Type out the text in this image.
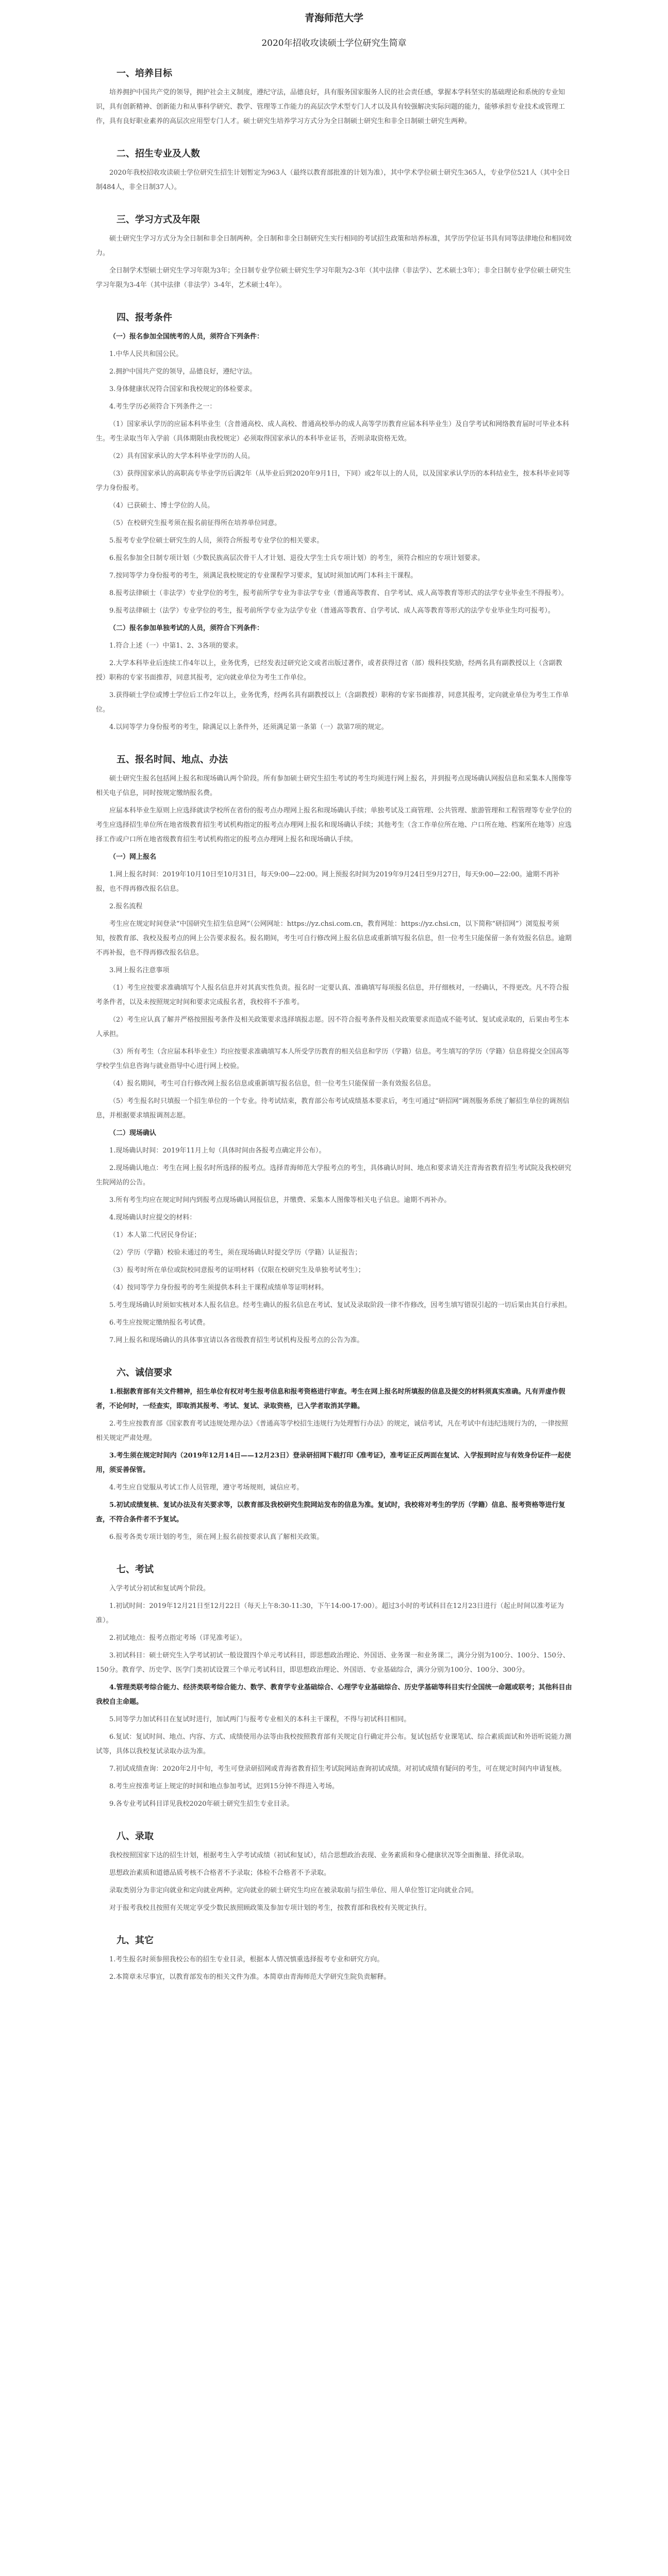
青海师范大学
2020年招收攻读硕士学位研究生简章
一、培养目标
培养拥护中国共产党的领导，拥护社会主义制度，遵纪守法，品德良好，具有服务国家服务人民的社会责任感，掌握本学科坚实的基础理论和系统的专业知识，具有创新精神、创新能力和从事科学研究、教学、管理等工作能力的高层次学术型专门人才以及具有较强解决实际问题的能力，能够承担专业技术或管理工作，具有良好职业素养的高层次应用型专门人才。硕士研究生培养学习方式分为全日制硕士研究生和非全日制硕士研究生两种。
二、招生专业及人数
2020年我校招收攻读硕士学位研究生招生计划暂定为963人（最终以教育部批准的计划为准），其中学术学位硕士研究生365人，专业学位521人（其中全日制484人，非全日制37人）。
三、学习方式及年限
硕士研究生学习方式分为全日制和非全日制两种。全日制和非全日制研究生实行相同的考试招生政策和培养标准，其学历学位证书具有同等法律地位和相同效力。
全日制学术型硕士研究生学习年限为3年；全日制专业学位硕士研究生学习年限为2-3年（其中法律（非法学）、艺术硕士3年）；非全日制专业学位硕士研究生学习年限为3-4年（其中法律（非法学）3-4年，艺术硕士4年）。
四、报考条件
（一）报名参加全国统考的人员，须符合下列条件：
1.中华人民共和国公民。
2.拥护中国共产党的领导，品德良好，遵纪守法。
3.身体健康状况符合国家和我校规定的体检要求。
4.考生学历必须符合下列条件之一：
（1）国家承认学历的应届本科毕业生（含普通高校、成人高校、普通高校举办的成人高等学历教育应届本科毕业生）及自学考试和网络教育届时可毕业本科生。考生录取当年入学前（具体期限由我校规定）必须取得国家承认的本科毕业证书，否则录取资格无效。
（2）具有国家承认的大学本科毕业学历的人员。
（3）获得国家承认的高职高专毕业学历后满2年（从毕业后到2020年9月1日，下同）或2年以上的人员，以及国家承认学历的本科结业生，按本科毕业同等学力身份报考。
（4）已获硕士、博士学位的人员。
（5）在校研究生报考须在报名前征得所在培养单位同意。
5.报考专业学位硕士研究生的人员，须符合所报考专业学位的相关要求。
6.报名参加全日制专项计划（少数民族高层次骨干人才计划、退役大学生士兵专项计划）的考生，须符合相应的专项计划要求。
7.按同等学力身份报考的考生，须满足我校规定的专业课程学习要求，复试时须加试两门本科主干课程。
8.报考法律硕士（非法学）专业学位的考生，报考前所学专业为非法学专业（普通高等教育、自学考试、成人高等教育等形式的法学专业毕业生不得报考）。
9.报考法律硕士（法学）专业学位的考生，报考前所学专业为法学专业（普通高等教育、自学考试、成人高等教育等形式的法学专业毕业生均可报考）。
（二）报名参加单独考试的人员，须符合下列条件：
1.符合上述（一）中第1、2、3各项的要求。
2.大学本科毕业后连续工作4年以上，业务优秀，已经发表过研究论文或者出版过著作，或者获得过省（部）级科技奖励，经两名具有副教授以上（含副教授）职称的专家书面推荐，同意其报考，定向就业单位为考生工作单位。
3.获得硕士学位或博士学位后工作2年以上，业务优秀，经两名具有副教授以上（含副教授）职称的专家书面推荐，同意其报考，定向就业单位为考生工作单位。
4.以同等学力身份报考的考生，除满足以上条件外，还须满足第一条第（一）款第7项的规定。
五、报名时间、地点、办法
硕士研究生报名包括网上报名和现场确认两个阶段。所有参加硕士研究生招生考试的考生均须进行网上报名，并到报考点现场确认网报信息和采集本人图像等相关电子信息，同时按规定缴纳报名费。
应届本科毕业生原则上应选择就读学校所在省份的报考点办理网上报名和现场确认手续；单独考试及工商管理、公共管理、旅游管理和工程管理等专业学位的考生应选择招生单位所在地省级教育招生考试机构指定的报考点办理网上报名和现场确认手续；其他考生（含工作单位所在地、户口所在地、档案所在地等）应选择工作或户口所在地省级教育招生考试机构指定的报考点办理网上报名和现场确认手续。
（一）网上报名
1.网上报名时间：2019年10月10日至10月31日，每天9:00—22:00。网上预报名时间为2019年9月24日至9月27日，每天9:00—22:00。逾期不再补报，也不得再修改报名信息。
2.报名流程
考生应在规定时间登录“中国研究生招生信息网”（公网网址：https://yz.chsi.com.cn，教育网址：https://yz.chsi.cn，以下简称“研招网”）浏览报考须知，按教育部、我校及报考点的网上公告要求报名。报名期间，考生可自行修改网上报名信息或重新填写报名信息，但一位考生只能保留一条有效报名信息。逾期不再补报，也不得再修改报名信息。
3.网上报名注意事项
（1）考生应按要求准确填写个人报名信息并对其真实性负责。报名时一定要认真、准确填写每项报名信息，并仔细核对，一经确认，不得更改。凡不符合报考条件者，以及未按照规定时间和要求完成报名者，我校将不予准考。
（2）考生应认真了解并严格按照报考条件及相关政策要求选择填报志愿。因不符合报考条件及相关政策要求而造成不能考试、复试或录取的，后果由考生本人承担。
（3）所有考生（含应届本科毕业生）均应按要求准确填写本人所受学历教育的相关信息和学历（学籍）信息。考生填写的学历（学籍）信息将提交全国高等学校学生信息咨询与就业指导中心进行网上校验。
（4）报名期间，考生可自行修改网上报名信息或重新填写报名信息，但一位考生只能保留一条有效报名信息。
（5）考生报名时只填报一个招生单位的一个专业。待考试结束，教育部公布考试成绩基本要求后，考生可通过“研招网”调剂服务系统了解招生单位的调剂信息，并根据要求填报调剂志愿。
（二）现场确认
1.现场确认时间：2019年11月上旬（具体时间由各报考点确定并公布）。
2.现场确认地点：考生在网上报名时所选择的报考点。选择青海师范大学报考点的考生，具体确认时间、地点和要求请关注青海省教育招生考试院及我校研究生院网站的公告。
3.所有考生均应在规定时间内到报考点现场确认网报信息，并缴费、采集本人图像等相关电子信息。逾期不再补办。
4.现场确认时应提交的材料：
（1）本人第二代居民身份证；
（2）学历（学籍）校验未通过的考生，须在现场确认时提交学历（学籍）认证报告；
（3）报考时所在单位或院校同意报考的证明材料（仅限在校研究生及单独考试考生）；
（4）按同等学力身份报考的考生须提供本科主干课程成绩单等证明材料。
5.考生现场确认时须如实核对本人报名信息。经考生确认的报名信息在考试、复试及录取阶段一律不作修改，因考生填写错误引起的一切后果由其自行承担。
6.考生应按规定缴纳报名考试费。
7.网上报名和现场确认的具体事宜请以各省级教育招生考试机构及报考点的公告为准。
六、诚信要求
1.根据教育部有关文件精神，招生单位有权对考生报考信息和报考资格进行审查。考生在网上报名时所填报的信息及提交的材料须真实准确。凡有弄虚作假者，不论何时，一经查实，即取消其报考、考试、复试、录取资格，已入学者取消其学籍。
2.考生应按教育部《国家教育考试违规处理办法》《普通高等学校招生违规行为处理暂行办法》的规定，诚信考试，凡在考试中有违纪违规行为的，一律按照相关规定严肃处理。
3.考生须在规定时间内（2019年12月14日——12月23日）登录研招网下载打印《准考证》，准考证正反两面在复试、入学报到时应与有效身份证件一起使用，须妥善保管。
4.考生应自觉服从考试工作人员管理，遵守考场规则，诚信应考。
5.初试成绩复核、复试办法及有关要求等，以教育部及我校研究生院网站发布的信息为准。复试时，我校将对考生的学历（学籍）信息、报考资格等进行复查，不符合条件者不予复试。
6.报考各类专项计划的考生，须在网上报名前按要求认真了解相关政策。
七、考试
入学考试分初试和复试两个阶段。
1.初试时间：2019年12月21日至12月22日（每天上午8:30-11:30，下午14:00-17:00）。超过3小时的考试科目在12月23日进行（起止时间以准考证为准）。
2.初试地点：报考点指定考场（详见准考证）。
3.初试科目：硕士研究生入学考试初试一般设置四个单元考试科目，即思想政治理论、外国语、业务课一和业务课二，满分分别为100分、100分、150分、150分。教育学、历史学、医学门类初试设置三个单元考试科目，即思想政治理论、外国语、专业基础综合，满分分别为100分、100分、300分。
4.管理类联考综合能力、经济类联考综合能力、数学、教育学专业基础综合、心理学专业基础综合、历史学基础等科目实行全国统一命题或联考；其他科目由我校自主命题。
5.同等学力加试科目在复试时进行，加试两门与报考专业相关的本科主干课程，不得与初试科目相同。
6.复试：复试时间、地点、内容、方式、成绩使用办法等由我校按照教育部有关规定自行确定并公布。复试包括专业课笔试、综合素质面试和外语听说能力测试等，具体以我校复试录取办法为准。
7.初试成绩查询：2020年2月中旬，考生可登录研招网或青海省教育招生考试院网站查询初试成绩。对初试成绩有疑问的考生，可在规定时间内申请复核。
8.考生应按准考证上规定的时间和地点参加考试，迟到15分钟不得进入考场。
9.各专业考试科目详见我校2020年硕士研究生招生专业目录。
八、录取
我校按照国家下达的招生计划，根据考生入学考试成绩（初试和复试），结合思想政治表现、业务素质和身心健康状况等全面衡量、择优录取。
思想政治素质和道德品质考核不合格者不予录取；体检不合格者不予录取。
录取类别分为非定向就业和定向就业两种。定向就业的硕士研究生均应在被录取前与招生单位、用人单位签订定向就业合同。
对于报考我校且按照有关规定享受少数民族照顾政策及参加专项计划的考生，按教育部和我校有关规定执行。
九、其它
1.考生报名时须参照我校公布的招生专业目录，根据本人情况慎重选择报考专业和研究方向。
2.本简章未尽事宜，以教育部发布的相关文件为准。本简章由青海师范大学研究生院负责解释。
